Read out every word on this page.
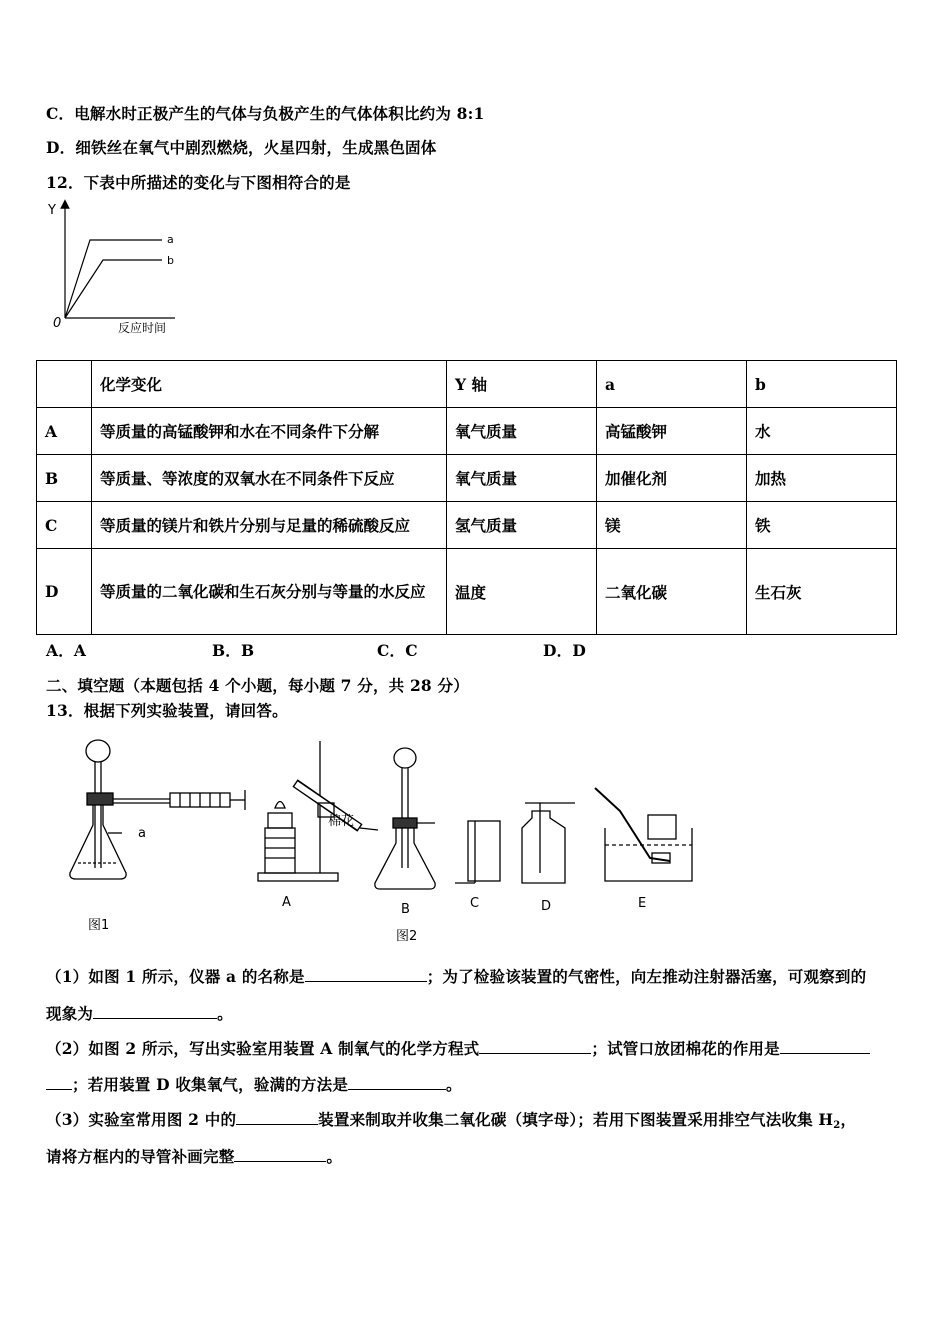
C．电解水时正极产生的气体与负极产生的气体体积比约为 8:1
D．细铁丝在氧气中剧烈燃烧，火星四射，生成黑色固体
12．下表中所描述的变化与下图相符合的是
Y
0	反应时间
a
b
	化学变化	Y 轴	a	b
A	等质量的高锰酸钾和水在不同条件下分解	氧气质量	高锰酸钾	水
B	等质量、等浓度的双氧水在不同条件下反应	氧气质量	加催化剂	加热
C	等质量的镁片和铁片分别与足量的稀硫酸反应	氢气质量	镁	铁
D	等质量的二氧化碳和生石灰分别与等量的水反应	温度	二氧化碳	生石灰
A．A	B．B	C．C	D．D
二、填空题（本题包括 4 个小题，每小题 7 分，共 28 分）
13．根据下列实验装置，请回答。
a
图1
棉花
A	B	C	D	E
图2
（1）如图 1 所示，仪器 a 的名称是	；为了检验该装置的气密性，向左推动注射器活塞，可观察到的
现象为	。
（2）如图 2 所示，写出实验室用装置 A 制氧气的化学方程式	；试管口放团棉花的作用是
；若用装置 D 收集氧气，验满的方法是	。
（3）实验室常用图 2 中的	装置来制取并收集二氧化碳（填字母）；若用下图装置采用排空气法收集 $H_2$，
请将方框内的导管补画完整	。
